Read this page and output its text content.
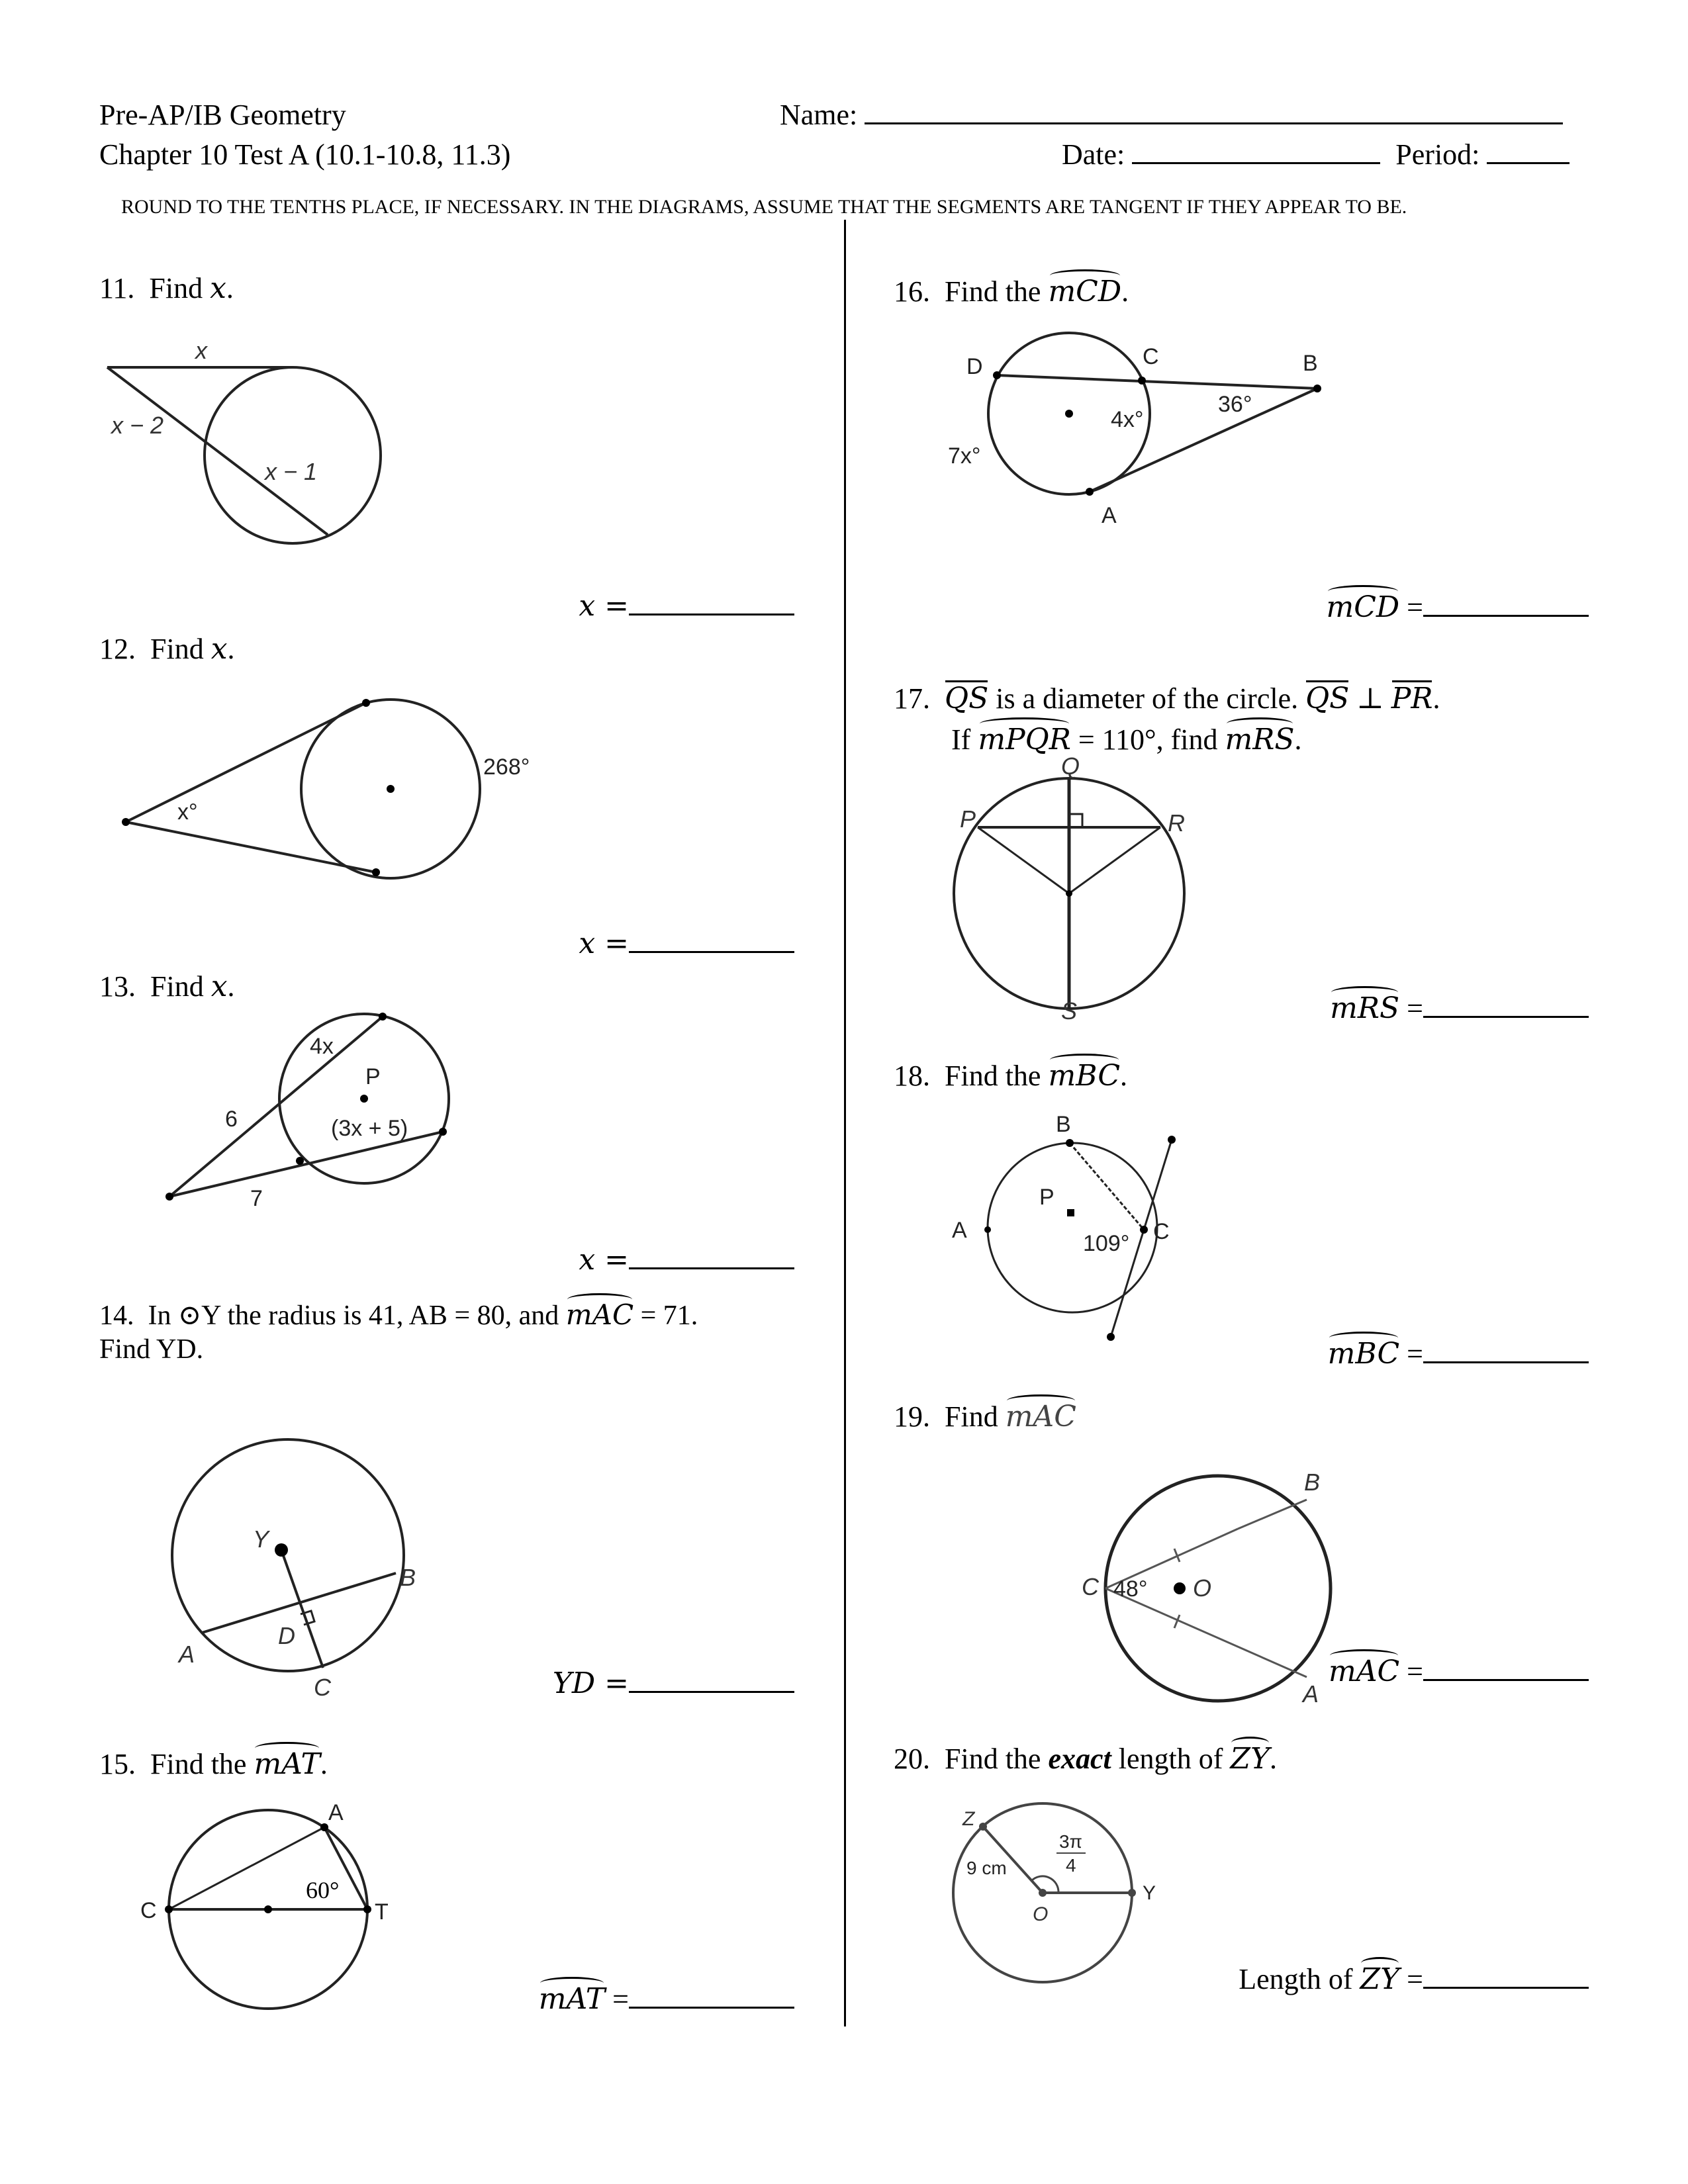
Pre-AP/IB Geometry
Chapter 10 Test A (10.1-10.8, 11.3)
Name:
Date:	Period:
ROUND TO THE TENTHS PLACE, IF NECESSARY. IN THE DIAGRAMS, ASSUME THAT THE SEGMENTS ARE TANGENT IF THEY APPEAR TO BE.
11. Find x.
x
x − 2
x − 1
x =
12. Find x.
268°
x°
x =
13. Find x.
4x
P
(3x + 5)
6
7
x =
14. In ⊙Y the radius is 41, AB = 80, and mAC = 71.
Find YD.
Y
D
A
B
C	YD =
15. Find the mAT.
A
C	T
60°
mAT =
16. Find the mCD.
D	C	B
A
4x°
36°
7x°
mCD =
17. QS is a diameter of the circle. QS ⊥ PR.
If mPQR = 110°, find mRS.
Q
P	R
S	mRS =
18. Find the mBC.
B
P
A	C
109°
mBC =
19. Find mAC
B
C	O
A
48°
mAC =
20. Find the exact length of ZY.
Z
9 cm
3π
4
O
Y
Length of ZY =
